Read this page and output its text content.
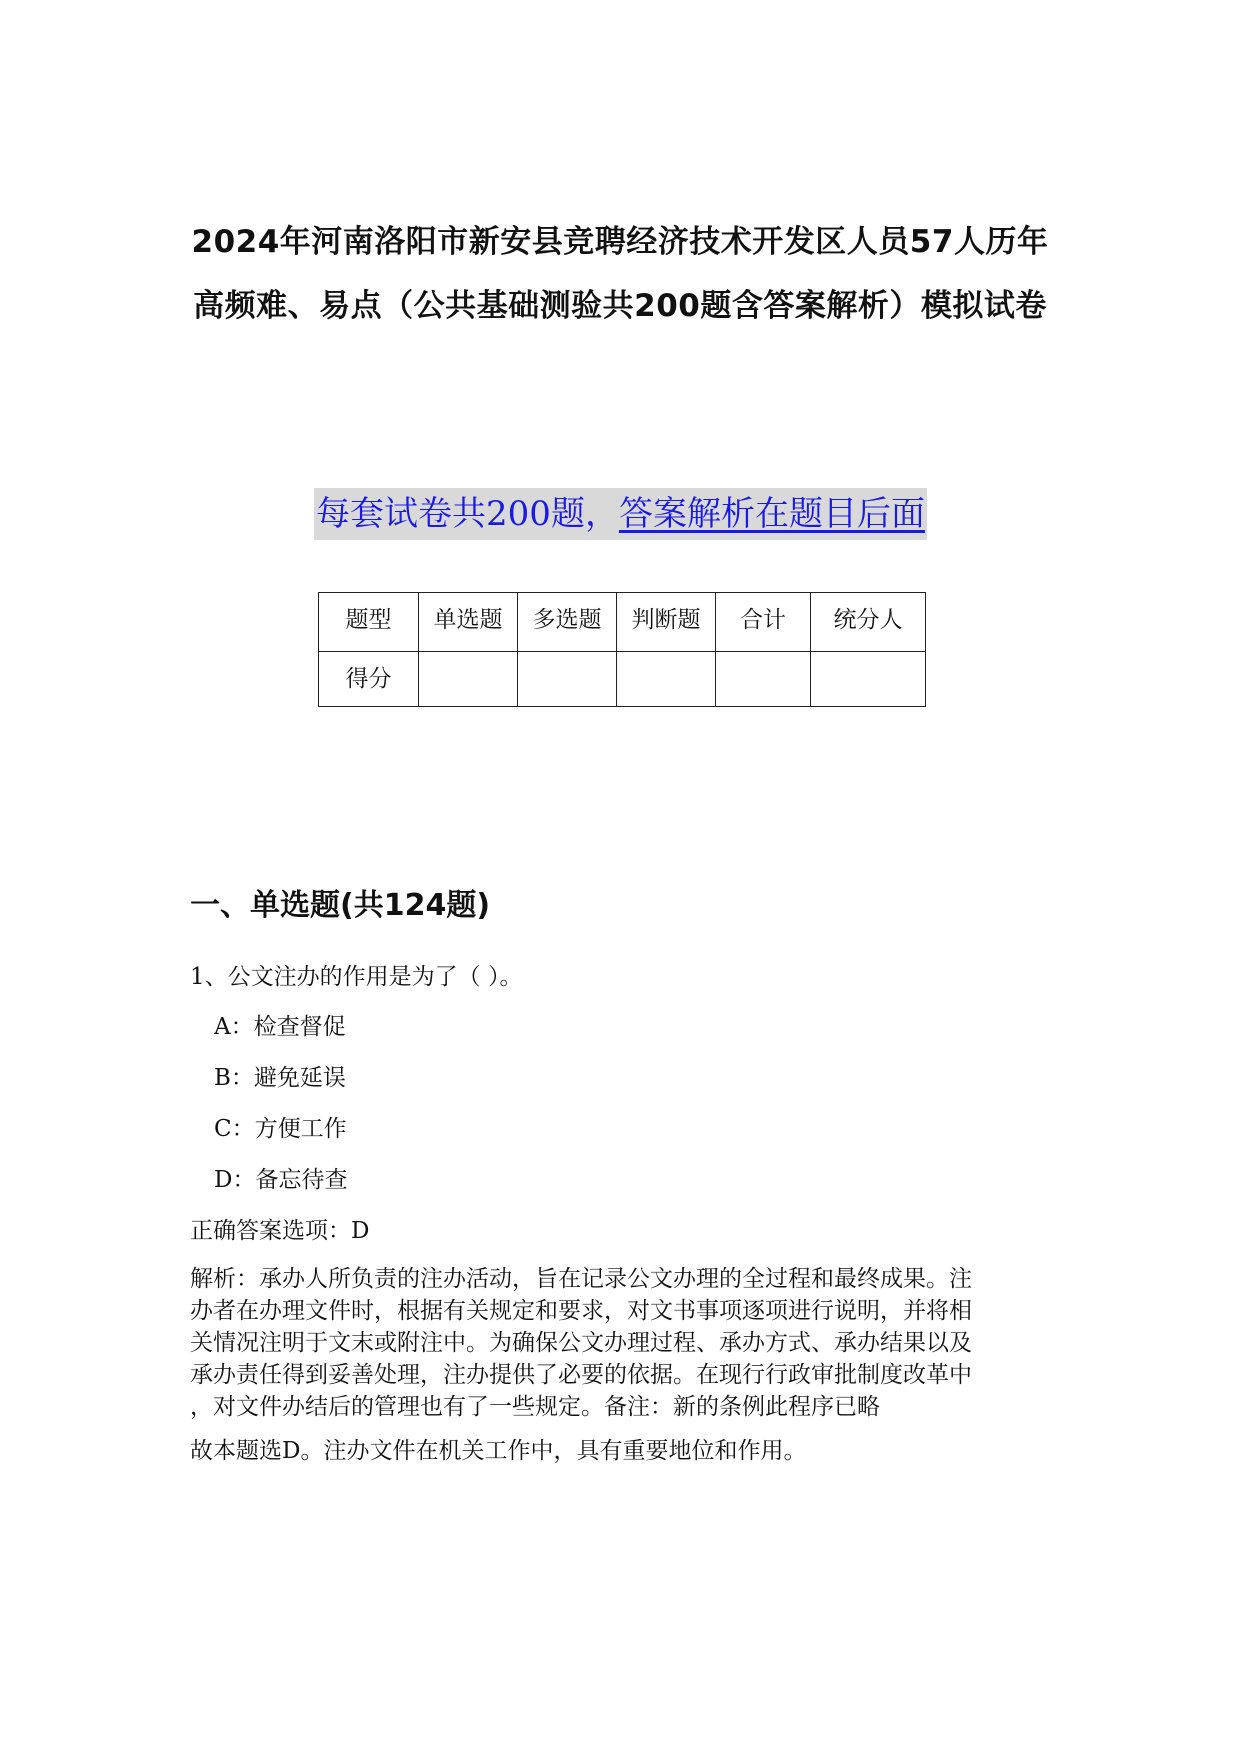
2024年河南洛阳市新安县竞聘经济技术开发区人员57人历年高频难、易点（公共基础测验共200题含答案解析）模拟试卷
每套试卷共200题，答案解析在题目后面
题型	单选题	多选题	判断题	合计	统分人
得分					
一、单选题(共124题)

1、公文注办的作用是为了（ ）。

A：检查督促

B：避免延误

C：方便工作

D：备忘待查

正确答案选项：D

解析：承办人所负责的注办活动，旨在记录公文办理的全过程和最终成果。注
办者在办理文件时，根据有关规定和要求，对文书事项逐项进行说明，并将相
关情况注明于文末或附注中。为确保公文办理过程、承办方式、承办结果以及
承办责任得到妥善处理，注办提供了必要的依据。在现行行政审批制度改革中
，对文件办结后的管理也有了一些规定。备注：新的条例此程序已略

故本题选D。注办文件在机关工作中，具有重要地位和作用。
